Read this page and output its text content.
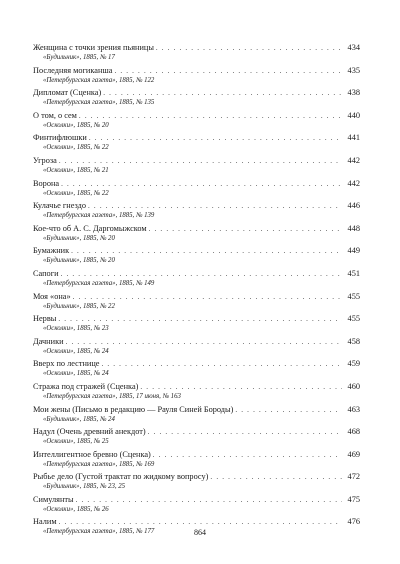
Женщина с точки зрения пьяницы . . .	434
«Будильник», 1885, № 17
Последняя могиканша . . .	435
«Петербургская газета», 1885, № 122
Дипломат (Сценка) . . .	438
«Петербургская газета», 1885, № 135
О том, о сем . . .	440
«Осколки», 1885, № 20
Финтифлюшки . . .	441
«Осколки», 1885, № 22
Угроза . . .	442
«Осколки», 1885, № 21
Ворона . . .	442
«Осколки», 1885, № 22
Кулачье гнездо . . .	446
«Петербургская газета», 1885, № 139
Кое-что об А. С. Даргомыжском . . .	448
«Будильник», 1885, № 20
Бумажник . . .	449
«Будильник», 1885, № 20
Сапоги . . .	451
«Петербургская газета», 1885, № 149
Моя «она» . . .	455
«Будильник», 1885, № 22
Нервы . . .	455
«Осколки», 1885, № 23
Дачники . . .	458
«Осколки», 1885, № 24
Вверх по лестнице . . .	459
«Осколки», 1885, № 24
Стража под стражей (Сценка) . . .	460
«Петербургская газета», 1885, 17 июня, № 163
Мои жены (Письмо в редакцию — Рауля Синей Бороды) . . .	463
«Будильник», 1885, № 24
Надул (Очень древний анекдот) . . .	468
«Осколки», 1885, № 25
Интеллигентное бревно (Сценка) . . .	469
«Петербургская газета», 1885, № 169
Рыбье дело (Густой трактат по жидкому вопросу) . . .	472
«Будильник», 1885, № 23, 25
Симулянты . . .	475
«Осколки», 1885, № 26
Налим . . .	476
«Петербургская газета», 1885, № 177	864
